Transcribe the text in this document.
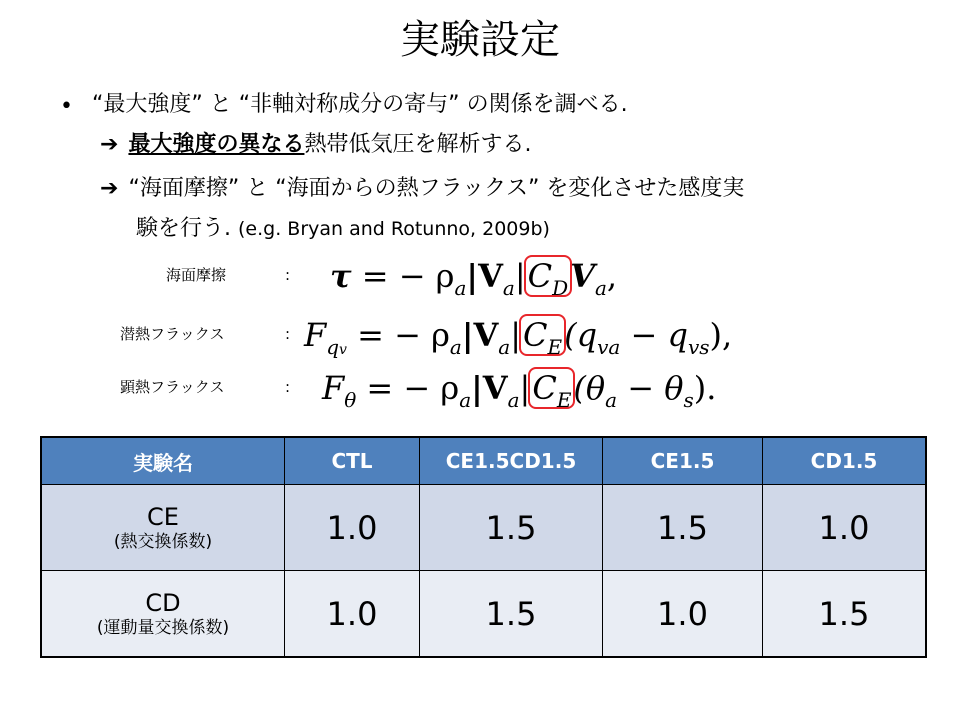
実験設定
• “最大強度” と “非軸対称成分の寄与” の関係を調べる.
➔ 最大強度の異なる熱帯低気圧を解析する.
➔ “海面摩擦” と “海面からの熱フラックス” を変化させた感度実
験を行う. (e.g. Bryan and Rotunno, 2009b)
海面摩擦	: τ = − $\rho_a|V_a|C_DV_a$,
潜熱フラックス	: $F_{qv}$ = − $\rho_a|V_a|C_E(q_{va} - q_{vs})$,
顕熱フラックス	: $F_\theta$ = − $\rho_a|V_a|C_E(\theta_a - \theta_s)$.
実験名	CTL	CE1.5CD1.5	CE1.5	CD1.5
CE
(熱交換係数)	1.0	1.5	1.5	1.0
CD
(運動量交換係数)	1.0	1.5	1.0	1.5
